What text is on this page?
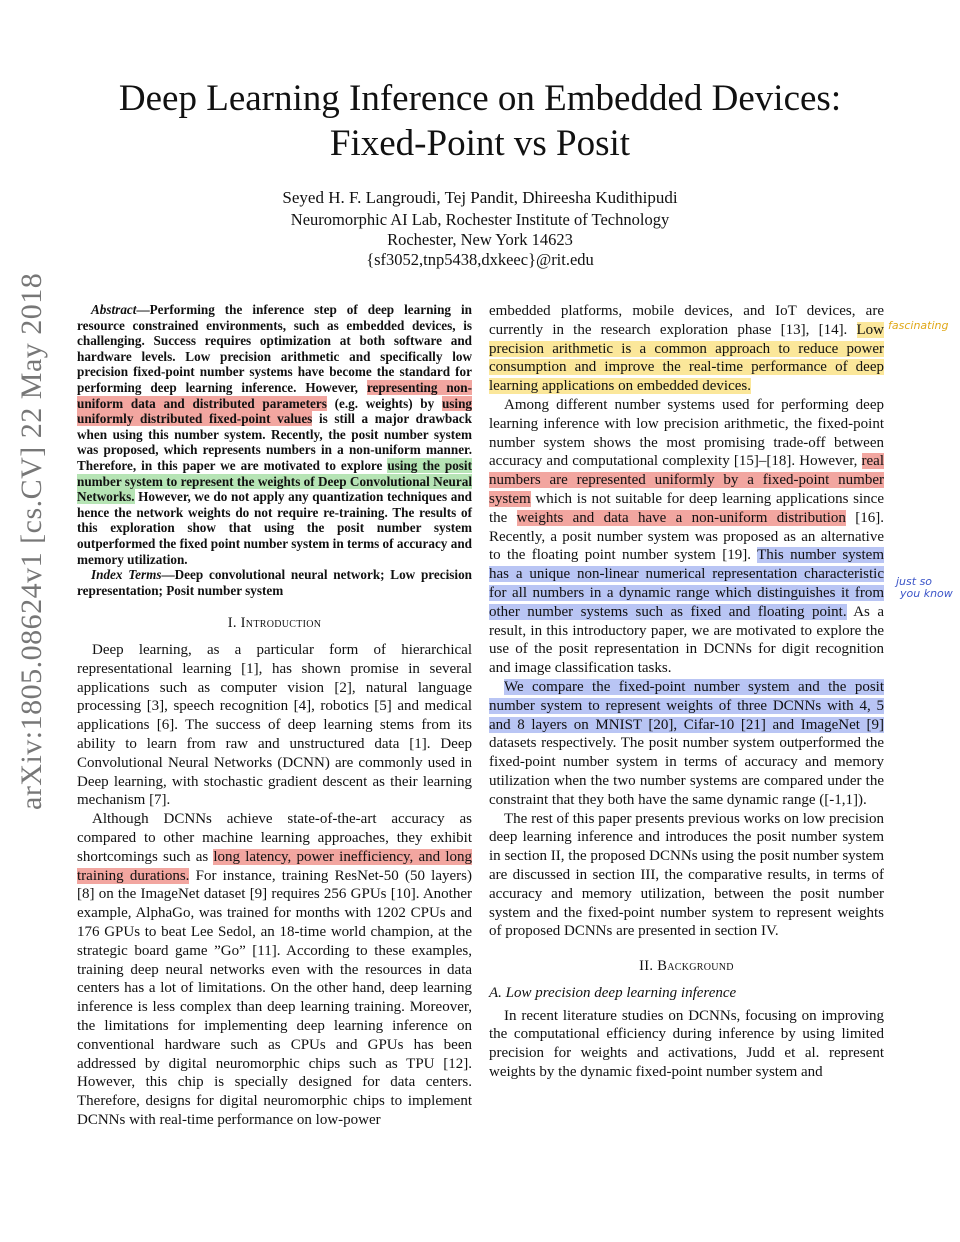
arXiv:1805.08624v1 [cs.CV] 22 May 2018
Deep Learning Inference on Embedded Devices:
Fixed-Point vs Posit
Seyed H. F. Langroudi, Tej Pandit, Dhireesha Kudithipudi
Neuromorphic AI Lab, Rochester Institute of Technology
Rochester, New York 14623
{sf3052,tnp5438,dxkeec}@rit.edu

Abstract—Performing the inference step of deep learning in resource constrained environments, such as embedded devices, is challenging. Success requires optimization at both software and hardware levels. Low precision arithmetic and specifically low precision fixed-point number systems have become the standard for performing deep learning inference. However, representing non-uniform data and distributed parameters (e.g. weights) by using uniformly distributed fixed-point values is still a major drawback when using this number system. Recently, the posit number system was proposed, which represents numbers in a non-uniform manner. Therefore, in this paper we are motivated to explore using the posit number system to represent the weights of Deep Convolutional Neural Networks. However, we do not apply any quantization techniques and hence the network weights do not require re-training. The results of this exploration show that using the posit number system outperformed the fixed point number system in terms of accuracy and memory utilization.

Index Terms—Deep convolutional neural network; Low precision representation; Posit number system

I. Introduction

Deep learning, as a particular form of hierarchical representational learning [1], has shown promise in several applications such as computer vision [2], natural language processing [3], speech recognition [4], robotics [5] and medical applications [6]. The success of deep learning stems from its ability to learn from raw and unstructured data [1]. Deep Convolutional Neural Networks (DCNN) are commonly used in Deep learning, with stochastic gradient descent as their learning mechanism [7].

Although DCNNs achieve state-of-the-art accuracy as compared to other machine learning approaches, they exhibit shortcomings such as long latency, power inefficiency, and long training durations. For instance, training ResNet-50 (50 layers) [8] on the ImageNet dataset [9] requires 256 GPUs [10]. Another example, AlphaGo, was trained for months with 1202 CPUs and 176 GPUs to beat Lee Sedol, an 18-time world champion, at the strategic board game ”Go” [11]. According to these examples, training deep neural networks even with the resources in data centers has a lot of limitations. On the other hand, deep learning inference is less complex than deep learning training. Moreover, the limitations for implementing deep learning inference on conventional hardware such as CPUs and GPUs has been addressed by digital neuromorphic chips such as TPU [12]. However, this chip is specially designed for data centers. Therefore, designs for digital neuromorphic chips to implement DCNNs with real-time performance on low-power

embedded platforms, mobile devices, and IoT devices, are currently in the research exploration phase [13], [14]. Low precision arithmetic is a common approach to reduce power consumption and improve the real-time performance of deep learning applications on embedded devices.

Among different number systems used for performing deep learning inference with low precision arithmetic, the fixed-point number system shows the most promising trade-off between accuracy and computational complexity [15]–[18]. However, real numbers are represented uniformly by a fixed-point number system which is not suitable for deep learning applications since the weights and data have a non-uniform distribution [16]. Recently, a posit number system was proposed as an alternative to the floating point number system [19]. This number system has a unique non-linear numerical representation characteristic for all numbers in a dynamic range which distinguishes it from other number systems such as fixed and floating point. As a result, in this introductory paper, we are motivated to explore the use of the posit representation in DCNNs for digit recognition and image classification tasks.

We compare the fixed-point number system and the posit number system to represent weights of three DCNNs with 4, 5 and 8 layers on MNIST [20], Cifar-10 [21] and ImageNet [9] datasets respectively. The posit number system outperformed the fixed-point number system in terms of accuracy and memory utilization when the two number systems are compared under the constraint that they both have the same dynamic range ([-1,1]).

The rest of this paper presents previous works on low precision deep learning inference and introduces the posit number system in section II, the proposed DCNNs using the posit number system are discussed in section III, the comparative results, in terms of accuracy and memory utilization, between the posit number system and the fixed-point number system to represent weights of proposed DCNNs are presented in section IV.

II. Background
A. Low precision deep learning inference

In recent literature studies on DCNNs, focusing on improving the computational efficiency during inference by using limited precision for weights and activations, Judd et al. represent weights by the dynamic fixed-point number system and

fascinating
just so
you know
